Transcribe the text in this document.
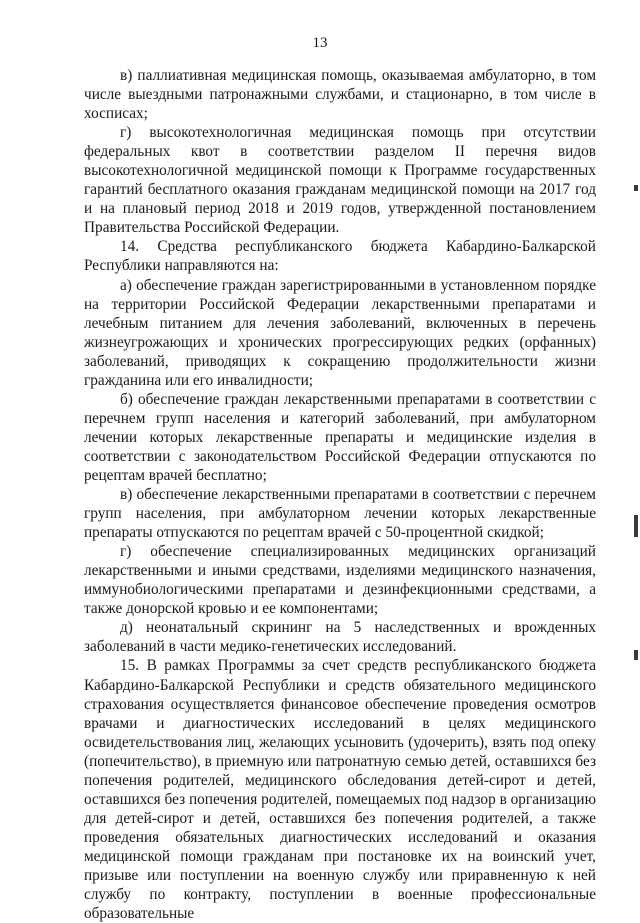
13

в) паллиативная медицинская помощь, оказываемая амбулаторно, в том числе выездными патронажными службами, и стационарно, в том числе в хосписах;

г) высокотехнологичная медицинская помощь при отсутствии федеральных квот в соответствии разделом II перечня видов высокотехнологичной медицинской помощи к Программе государственных гарантий бесплатного оказания гражданам медицинской помощи на 2017 год и на плановый период 2018 и 2019 годов, утвержденной постановлением Правительства Российской Федерации.

14. Средства республиканского бюджета Кабардино-Балкарской Республики направляются на:

а) обеспечение граждан зарегистрированными в установленном порядке на территории Российской Федерации лекарственными препаратами и лечебным питанием для лечения заболеваний, включенных в перечень жизнеугрожающих и хронических прогрессирующих редких (орфанных) заболеваний, приводящих к сокращению продолжительности жизни гражданина или его инвалидности;

б) обеспечение граждан лекарственными препаратами в соответствии с перечнем групп населения и категорий заболеваний, при амбулаторном лечении которых лекарственные препараты и медицинские изделия в соответствии с законодательством Российской Федерации отпускаются по рецептам врачей бесплатно;

в) обеспечение лекарственными препаратами в соответствии с перечнем групп населения, при амбулаторном лечении которых лекарственные препараты отпускаются по рецептам врачей с 50-процентной скидкой;

г) обеспечение специализированных медицинских организаций лекарственными и иными средствами, изделиями медицинского назначения, иммунобиологическими препаратами и дезинфекционными средствами, а также донорской кровью и ее компонентами;

д) неонатальный скрининг на 5 наследственных и врожденных заболеваний в части медико-генетических исследований.

15. В рамках Программы за счет средств республиканского бюджета Кабардино-Балкарской Республики и средств обязательного медицинского страхования осуществляется финансовое обеспечение проведения осмотров врачами и диагностических исследований в целях медицинского освидетельствования лиц, желающих усыновить (удочерить), взять под опеку (попечительство), в приемную или патронатную семью детей, оставшихся без попечения родителей, медицинского обследования детей-сирот и детей, оставшихся без попечения родителей, помещаемых под надзор в организацию для детей-сирот и детей, оставшихся без попечения родителей, а также проведения обязательных диагностических исследований и оказания медицинской помощи гражданам при постановке их на воинский учет, призыве или поступлении на военную службу или приравненную к ней службу по контракту, поступлении в военные профессиональные образовательные
